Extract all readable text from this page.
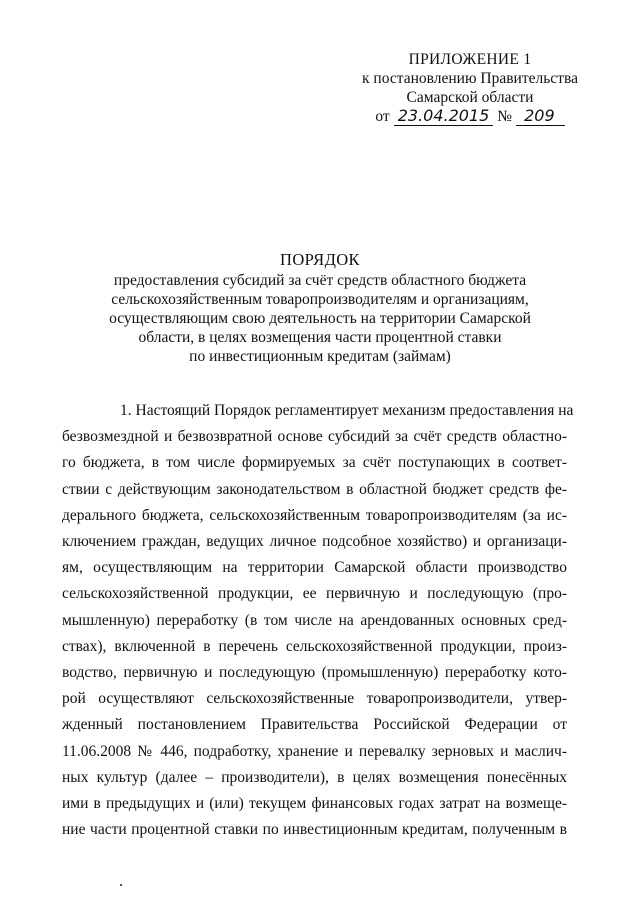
ПРИЛОЖЕНИЕ 1
к постановлению Правительства
Самарской области
от 23.04.2015 № 209
ПОРЯДОК
предоставления субсидий за счёт средств областного бюджета
сельскохозяйственным товаропроизводителям и организациям,
осуществляющим свою деятельность на территории Самарской
области, в целях возмещения части процентной ставки
по инвестиционным кредитам (займам)
1. Настоящий Порядок регламентирует механизм предоставления на
безвозмездной и безвозвратной основе субсидий за счёт средств областно-
го бюджета, в том числе формируемых за счёт поступающих в соответ-
ствии с действующим законодательством в областной бюджет средств фе-
дерального бюджета, сельскохозяйственным товаропроизводителям (за ис-
ключением граждан, ведущих личное подсобное хозяйство) и организаци-
ям, осуществляющим на территории Самарской области производство
сельскохозяйственной продукции, ее первичную и последующую (про-
мышленную) переработку (в том числе на арендованных основных сред-
ствах), включенной в перечень сельскохозяйственной продукции, произ-
водство, первичную и последующую (промышленную) переработку кото-
рой осуществляют сельскохозяйственные товаропроизводители, утвер-
жденный постановлением Правительства Российской Федерации от
11.06.2008 № 446, подработку, хранение и перевалку зерновых и маслич-
ных культур (далее – производители), в целях возмещения понесённых
ими в предыдущих и (или) текущем финансовых годах затрат на возмеще-
ние части процентной ставки по инвестиционным кредитам, полученным в
